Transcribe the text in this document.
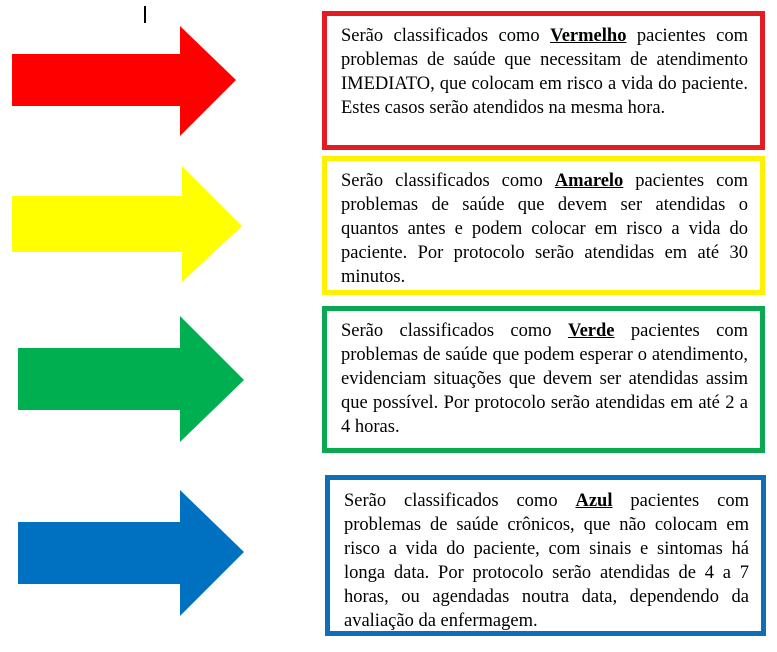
Serão classificados como Vermelho pacientes com problemas de saúde que necessitam de atendimento IMEDIATO, que colocam em risco a vida do paciente. Estes casos serão atendidos na mesma hora.

Serão classificados como Amarelo pacientes com problemas de saúde que devem ser atendidas o quantos antes e podem colocar em risco a vida do paciente. Por protocolo serão atendidas em até 30 minutos.

Serão classificados como Verde pacientes com problemas de saúde que podem esperar o atendimento, evidenciam situações que devem ser atendidas assim que possível. Por protocolo serão atendidas em até 2 a 4 horas.

Serão classificados como Azul pacientes com problemas de saúde crônicos, que não colocam em risco a vida do paciente, com sinais e sintomas há longa data. Por protocolo serão atendidas de 4 a 7 horas, ou agendadas noutra data, dependendo da avaliação da enfermagem.
